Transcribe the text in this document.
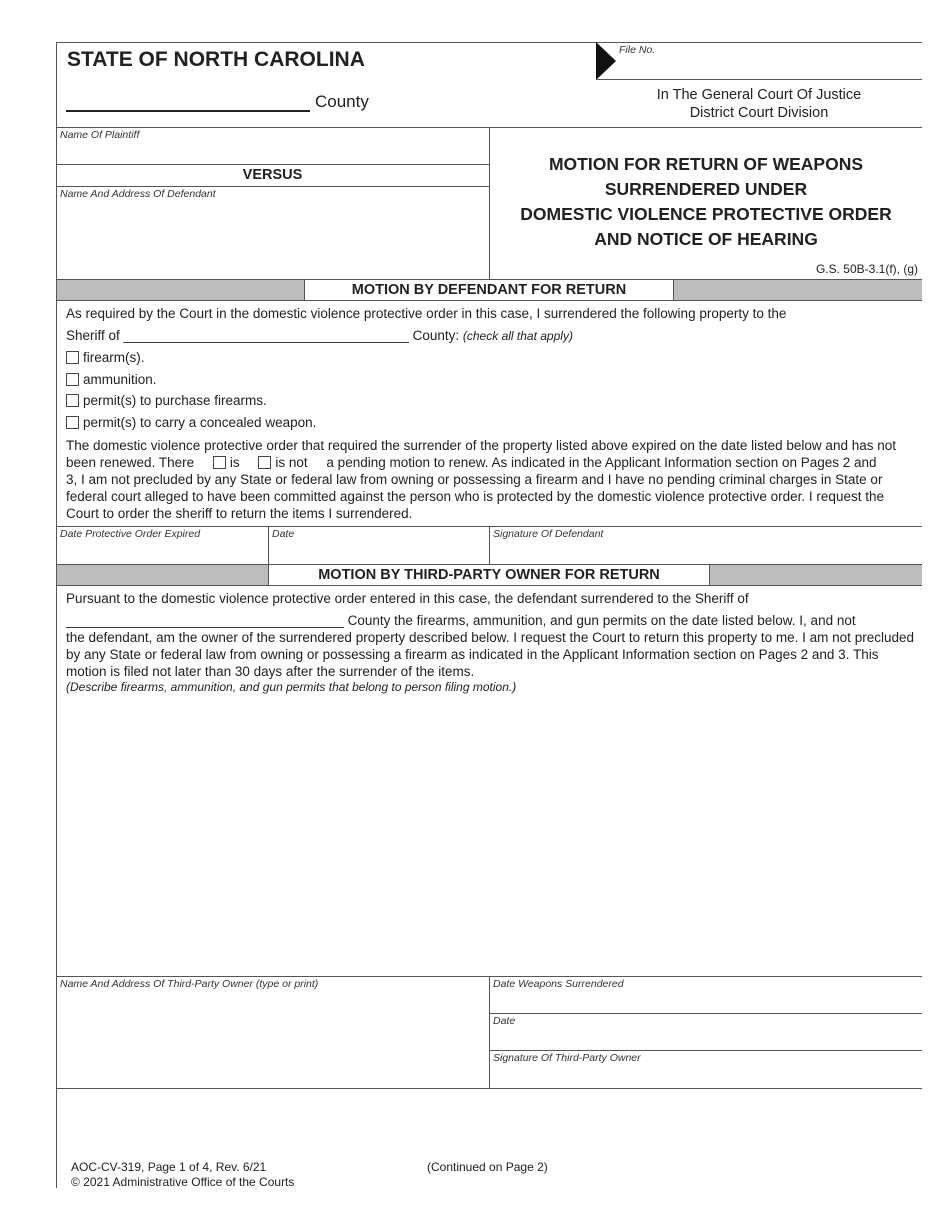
STATE OF NORTH CAROLINA
County
File No.
In The General Court Of Justice
District Court Division
Name Of Plaintiff
VERSUS
Name And Address Of Defendant
MOTION FOR RETURN OF WEAPONS
SURRENDERED UNDER
DOMESTIC VIOLENCE PROTECTIVE ORDER
AND NOTICE OF HEARING
G.S. 50B-3.1(f), (g)
MOTION BY DEFENDANT FOR RETURN
As required by the Court in the domestic violence protective order in this case, I surrendered the following property to the
Sheriff of ______________________________________ County: (check all that apply)
firearm(s).
ammunition.
permit(s) to purchase firearms.
permit(s) to carry a concealed weapon.
The domestic violence protective order that required the surrender of the property listed above expired on the date listed below and has not
been renewed. There	is	is not a pending motion to renew. As indicated in the Applicant Information section on Pages 2 and
3, I am not precluded by any State or federal law from owning or possessing a firearm and I have no pending criminal charges in State or federal court alleged to have been committed against the person who is protected by the domestic violence protective order. I request the Court to order the sheriff to return the items I surrendered.
Date Protective Order Expired	Date	Signature Of Defendant
MOTION BY THIRD-PARTY OWNER FOR RETURN
Pursuant to the domestic violence protective order entered in this case, the defendant surrendered to the Sheriff of
_____________________________________ County the firearms, ammunition, and gun permits on the date listed below. I, and not
the defendant, am the owner of the surrendered property described below. I request the Court to return this property to me. I am not precluded by any State or federal law from owning or possessing a firearm as indicated in the Applicant Information section on Pages 2 and 3. This motion is filed not later than 30 days after the surrender of the items.
(Describe firearms, ammunition, and gun permits that belong to person filing motion.)
Name And Address Of Third-Party Owner (type or print)	Date Weapons Surrendered
Date
Signature Of Third-Party Owner
AOC-CV-319, Page 1 of 4, Rev. 6/21
© 2021 Administrative Office of the Courts
(Continued on Page 2)
